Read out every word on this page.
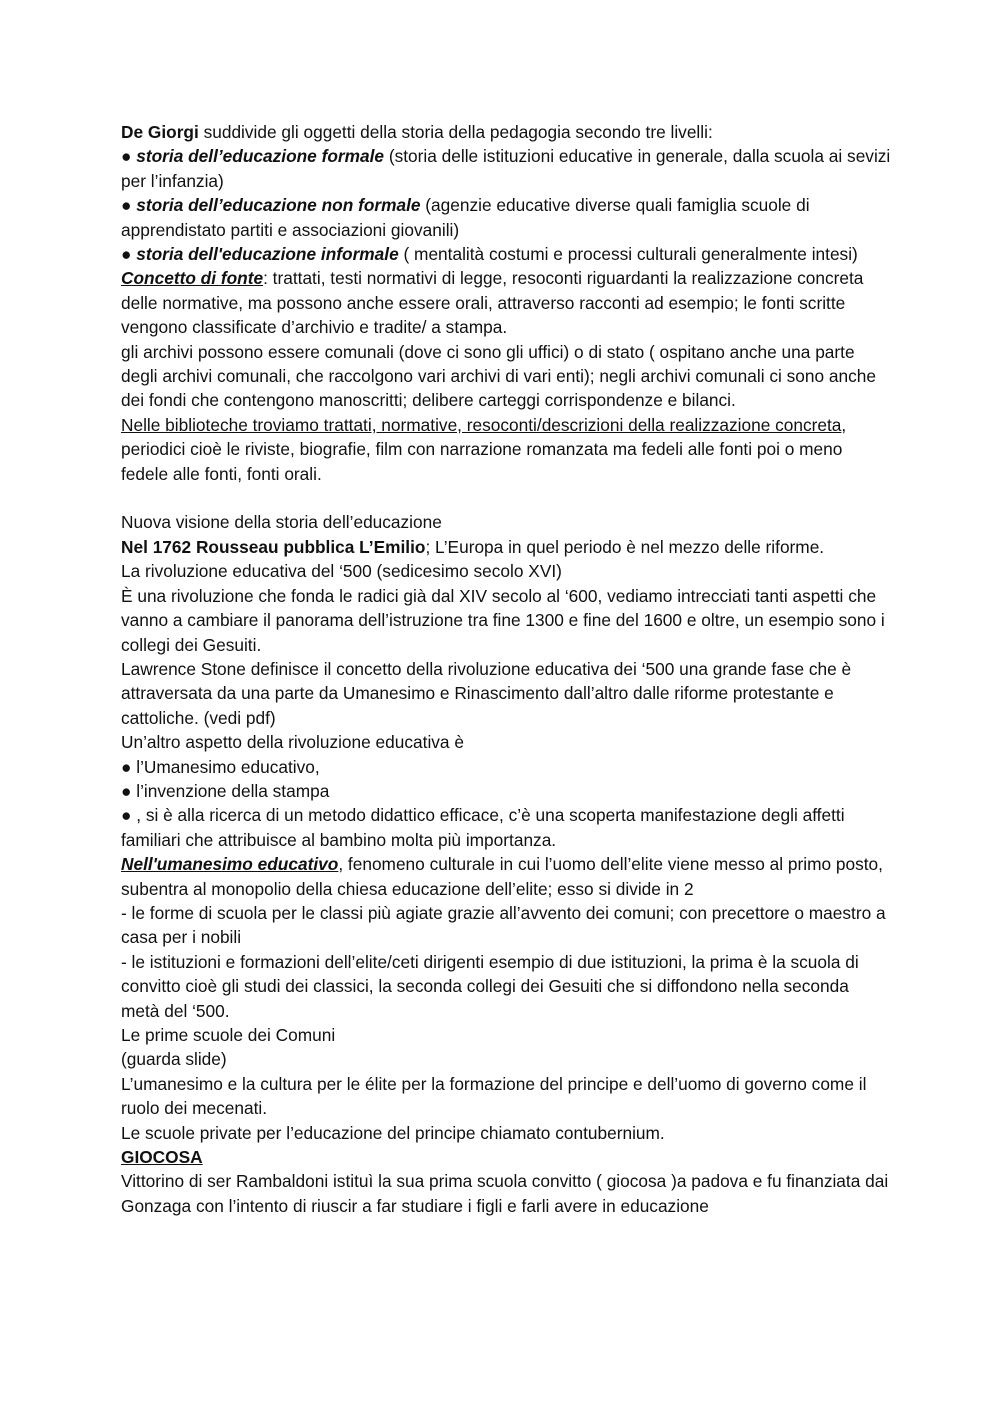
De Giorgi suddivide gli oggetti della storia della pedagogia secondo tre livelli:

● storia dell’educazione formale (storia delle istituzioni educative in generale, dalla scuola ai sevizi per l’infanzia)

● storia dell’educazione non formale (agenzie educative diverse quali famiglia scuole di apprendistato partiti e associazioni giovanili)

● storia dell'educazione informale ( mentalità costumi e processi culturali generalmente intesi)

Concetto di fonte: trattati, testi normativi di legge, resoconti riguardanti la realizzazione concreta delle normative, ma possono anche essere orali, attraverso racconti ad esempio; le fonti scritte vengono classificate d’archivio e tradite/ a stampa.

gli archivi possono essere comunali (dove ci sono gli uffici) o di stato ( ospitano anche una parte degli archivi comunali, che raccolgono vari archivi di vari enti); negli archivi comunali ci sono anche dei fondi che contengono manoscritti; delibere carteggi corrispondenze e bilanci.

Nelle biblioteche troviamo trattati, normative, resoconti/descrizioni della realizzazione concreta, periodici cioè le riviste, biografie, film con narrazione romanzata ma fedeli alle fonti poi o meno fedele alle fonti, fonti orali.

Nuova visione della storia dell’educazione

Nel 1762 Rousseau pubblica L’Emilio; L’Europa in quel periodo è nel mezzo delle riforme.

La rivoluzione educativa del ‘500 (sedicesimo secolo XVI)

È una rivoluzione che fonda le radici già dal XIV secolo al ‘600, vediamo intrecciati tanti aspetti che vanno a cambiare il panorama dell’istruzione tra fine 1300 e fine del 1600 e oltre, un esempio sono i collegi dei Gesuiti.

Lawrence Stone definisce il concetto della rivoluzione educativa dei ‘500 una grande fase che è attraversata da una parte da Umanesimo e Rinascimento dall’altro dalle riforme protestante e cattoliche. (vedi pdf)

Un’altro aspetto della rivoluzione educativa è

● l’Umanesimo educativo,

● l’invenzione della stampa

● , si è alla ricerca di un metodo didattico efficace, c’è una scoperta manifestazione degli affetti

familiari che attribuisce al bambino molta più importanza.

Nell'umanesimo educativo, fenomeno culturale in cui l’uomo dell’elite viene messo al primo posto, subentra al monopolio della chiesa educazione dell’elite; esso si divide in 2

- le forme di scuola per le classi più agiate grazie all’avvento dei comuni; con precettore o maestro a casa per i nobili

- le istituzioni e formazioni dell’elite/ceti dirigenti esempio di due istituzioni, la prima è la scuola di convitto cioè gli studi dei classici, la seconda collegi dei Gesuiti che si diffondono nella seconda metà del ‘500.

Le prime scuole dei Comuni

(guarda slide)

L’umanesimo e la cultura per le élite per la formazione del principe e dell’uomo di governo come il ruolo dei mecenati.

Le scuole private per l’educazione del principe chiamato contubernium.

GIOCOSA

Vittorino di ser Rambaldoni istituì la sua prima scuola convitto ( giocosa )a padova e fu finanziata dai Gonzaga con l’intento di riuscir a far studiare i figli e farli avere in educazione
